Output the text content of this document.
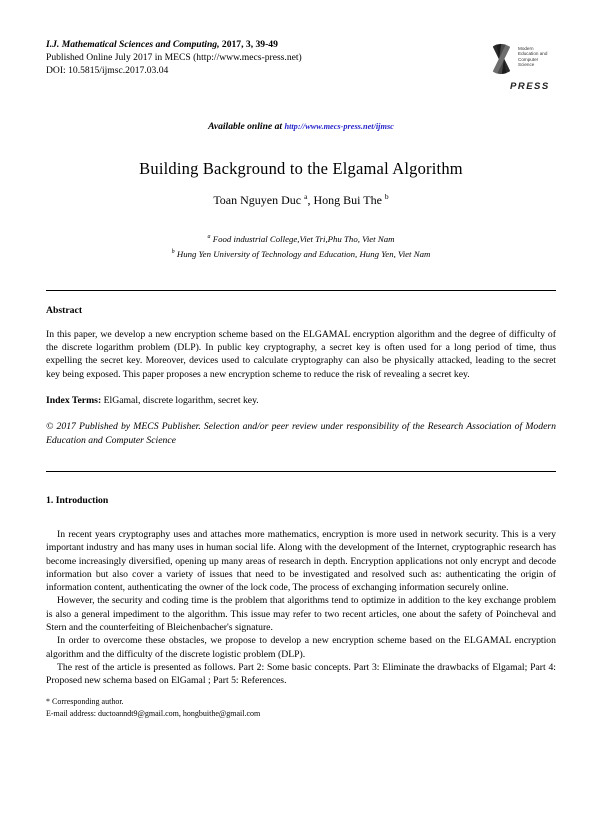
I.J. Mathematical Sciences and Computing, 2017, 3, 39-49
Published Online July 2017 in MECS (http://www.mecs-press.net)
DOI: 10.5815/ijmsc.2017.03.04
Modern Education and Computer Science
PRESS
Available online at http://www.mecs-press.net/ijmsc
Building Background to the Elgamal Algorithm
Toan Nguyen Duc $^a$, Hong Bui The $^b$
$^a$ Food industrial College,Viet Tri,Phu Tho, Viet Nam
$^b$ Hung Yen University of Technology and Education, Hung Yen, Viet Nam
Abstract
In this paper, we develop a new encryption scheme based on the ELGAMAL encryption algorithm and the degree of difficulty of the discrete logarithm problem (DLP). In public key cryptography, a secret key is often used for a long period of time, thus expelling the secret key. Moreover, devices used to calculate cryptography can also be physically attacked, leading to the secret key being exposed. This paper proposes a new encryption scheme to reduce the risk of revealing a secret key.
Index Terms: ElGamal, discrete logarithm, secret key.
© 2017 Published by MECS Publisher. Selection and/or peer review under responsibility of the Research Association of Modern Education and Computer Science
1. Introduction

In recent years cryptography uses and attaches more mathematics, encryption is more used in network security. This is a very important industry and has many uses in human social life. Along with the development of the Internet, cryptographic research has become increasingly diversified, opening up many areas of research in depth. Encryption applications not only encrypt and decode information but also cover a variety of issues that need to be investigated and resolved such as: authenticating the origin of information content, authenticating the owner of the lock code, The process of exchanging information securely online.

However, the security and coding time is the problem that algorithms tend to optimize in addition to the key exchange problem is also a general impediment to the algorithm. This issue may refer to two recent articles, one about the safety of Poincheval and Stern and the counterfeiting of Bleichenbacher's signature.

In order to overcome these obstacles, we propose to develop a new encryption scheme based on the ELGAMAL encryption algorithm and the difficulty of the discrete logistic problem (DLP).

The rest of the article is presented as follows. Part 2: Some basic concepts. Part 3: Eliminate the drawbacks of Elgamal; Part 4: Proposed new schema based on ElGamal ; Part 5: References.

* Corresponding author.
E-mail address: ductoanndt9@gmail.com, hongbuithe@gmail.com
